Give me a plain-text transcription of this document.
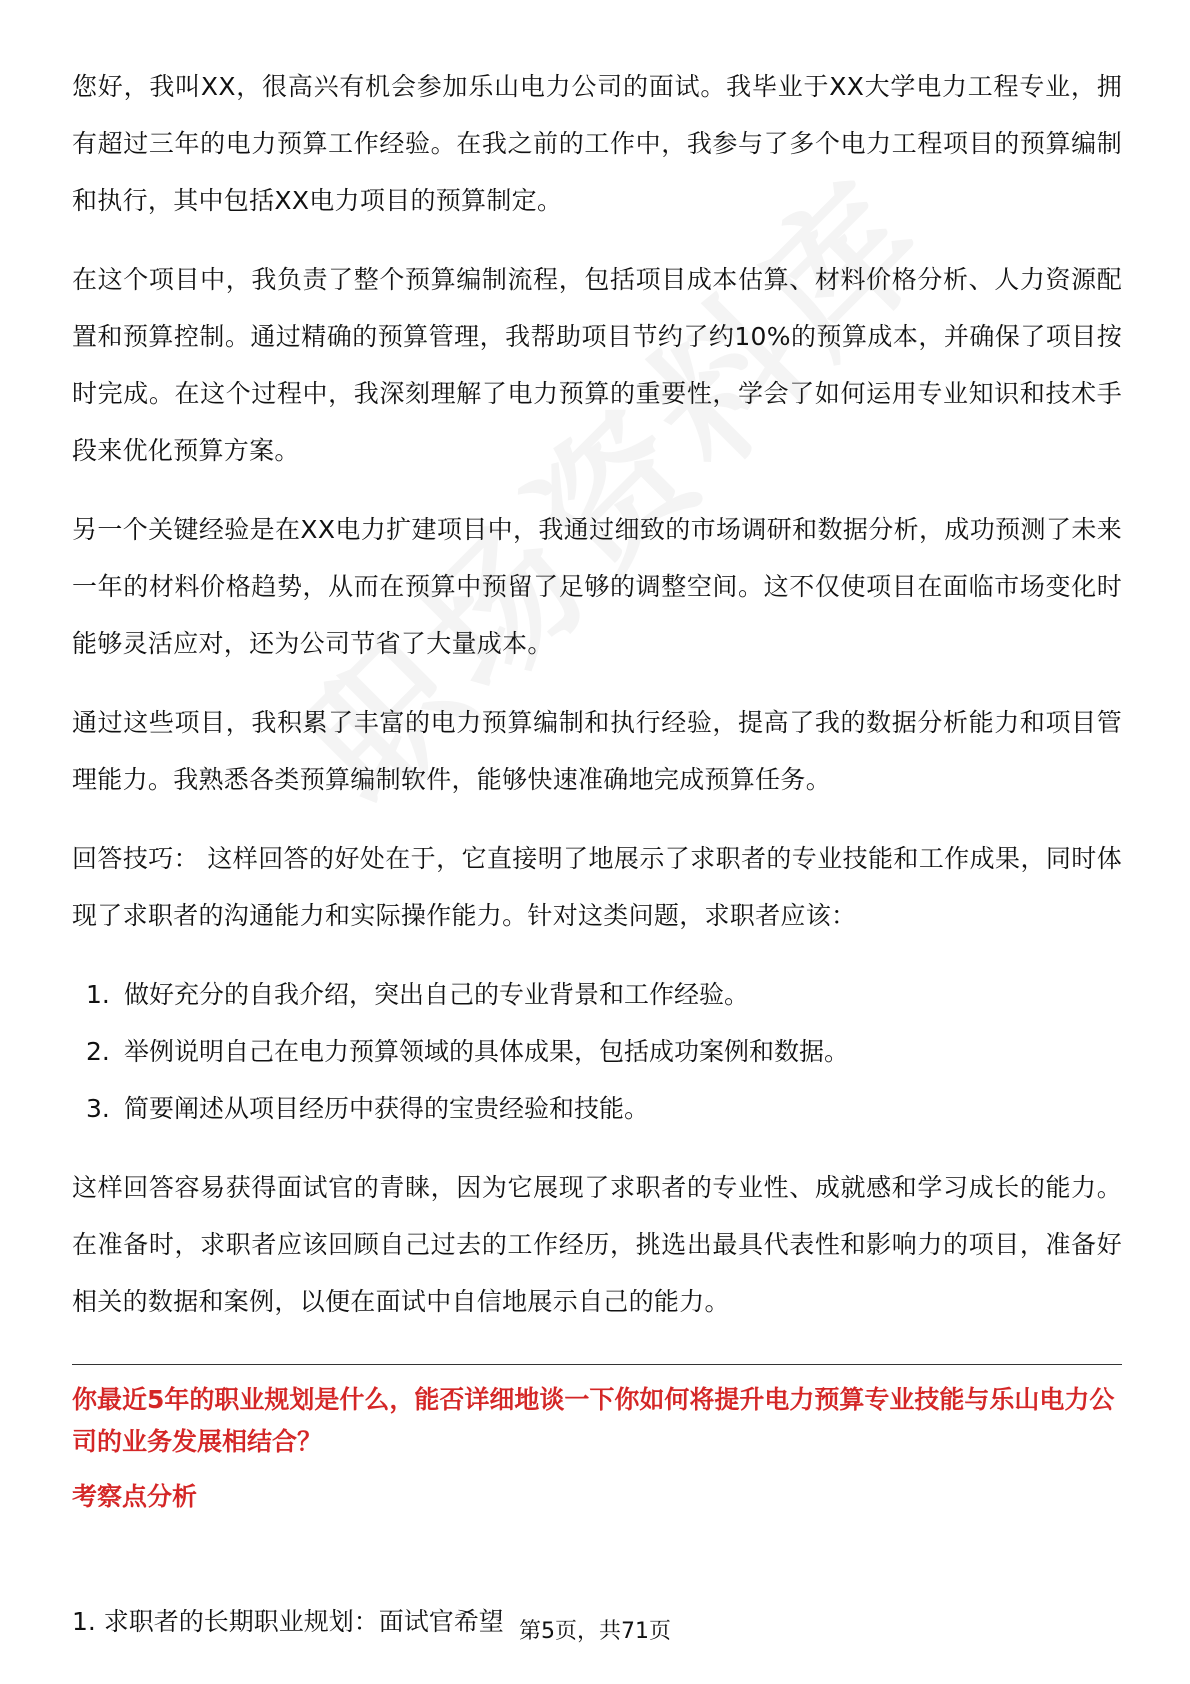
您好，我叫XX，很高兴有机会参加乐山电力公司的面试。我毕业于XX大学电力工程专业，拥有超过三年的电力预算工作经验。在我之前的工作中，我参与了多个电力工程项目的预算编制和执行，其中包括XX电力项目的预算制定。

在这个项目中，我负责了整个预算编制流程，包括项目成本估算、材料价格分析、人力资源配置和预算控制。通过精确的预算管理，我帮助项目节约了约10%的预算成本，并确保了项目按时完成。在这个过程中，我深刻理解了电力预算的重要性，学会了如何运用专业知识和技术手段来优化预算方案。

另一个关键经验是在XX电力扩建项目中，我通过细致的市场调研和数据分析，成功预测了未来一年的材料价格趋势，从而在预算中预留了足够的调整空间。这不仅使项目在面临市场变化时能够灵活应对，还为公司节省了大量成本。

通过这些项目，我积累了丰富的电力预算编制和执行经验，提高了我的数据分析能力和项目管理能力。我熟悉各类预算编制软件，能够快速准确地完成预算任务。

回答技巧： 这样回答的好处在于，它直接明了地展示了求职者的专业技能和工作成果，同时体现了求职者的沟通能力和实际操作能力。针对这类问题，求职者应该：

1. 做好充分的自我介绍，突出自己的专业背景和工作经验。
2. 举例说明自己在电力预算领域的具体成果，包括成功案例和数据。
3. 简要阐述从项目经历中获得的宝贵经验和技能。

这样回答容易获得面试官的青睐，因为它展现了求职者的专业性、成就感和学习成长的能力。在准备时，求职者应该回顾自己过去的工作经历，挑选出最具代表性和影响力的项目，准备好相关的数据和案例，以便在面试中自信地展示自己的能力。

你最近5年的职业规划是什么，能否详细地谈一下你如何将提升电力预算专业技能与乐山电力公司的业务发展相结合？

考察点分析

1. 求职者的长期职业规划：面试官希望 第5页，共71页
